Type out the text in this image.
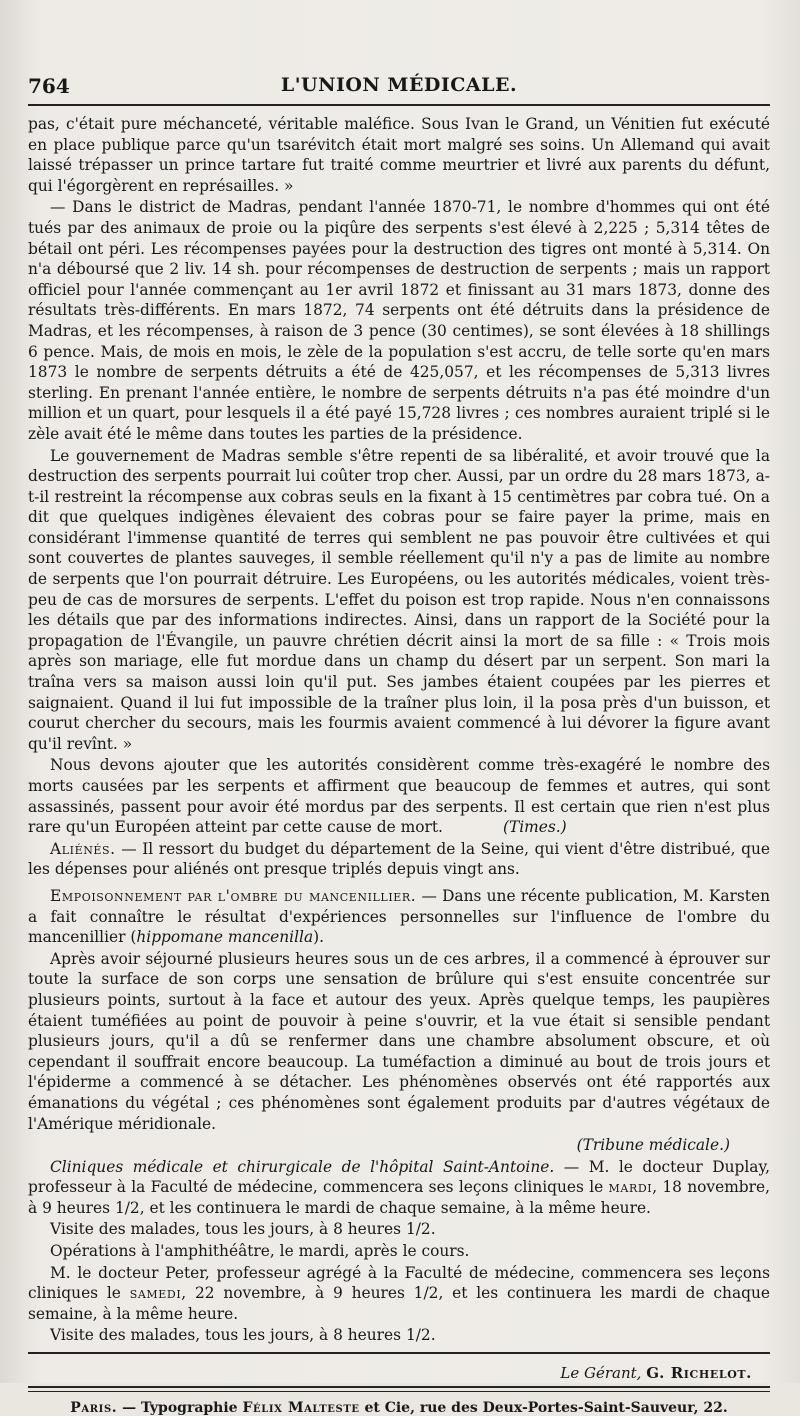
764	L'UNION MÉDICALE.

pas, c'était pure méchanceté, véritable maléfice. Sous Ivan le Grand, un Vénitien fut exécuté en place publique parce qu'un tsarévitch était mort malgré ses soins. Un Allemand qui avait laissé trépasser un prince tartare fut traité comme meurtrier et livré aux parents du défunt, qui l'égorgèrent en représailles. »

— Dans le district de Madras, pendant l'année 1870-71, le nombre d'hommes qui ont été tués par des animaux de proie ou la piqûre des serpents s'est élevé à 2,225 ; 5,314 têtes de bétail ont péri. Les récompenses payées pour la destruction des tigres ont monté à 5,314. On n'a déboursé que 2 liv. 14 sh. pour récompenses de destruction de serpents ; mais un rapport officiel pour l'année commençant au 1er avril 1872 et finissant au 31 mars 1873, donne des résultats très-différents. En mars 1872, 74 serpents ont été détruits dans la présidence de Madras, et les récompenses, à raison de 3 pence (30 centimes), se sont élevées à 18 shillings 6 pence. Mais, de mois en mois, le zèle de la population s'est accru, de telle sorte qu'en mars 1873 le nombre de serpents détruits a été de 425,057, et les récompenses de 5,313 livres sterling. En prenant l'année entière, le nombre de serpents détruits n'a pas été moindre d'un million et un quart, pour lesquels il a été payé 15,728 livres ; ces nombres auraient triplé si le zèle avait été le même dans toutes les parties de la présidence.

Le gouvernement de Madras semble s'être repenti de sa libéralité, et avoir trouvé que la destruction des serpents pourrait lui coûter trop cher. Aussi, par un ordre du 28 mars 1873, a-t-il restreint la récompense aux cobras seuls en la fixant à 15 centimètres par cobra tué. On a dit que quelques indigènes élevaient des cobras pour se faire payer la prime, mais en considérant l'immense quantité de terres qui semblent ne pas pouvoir être cultivées et qui sont couvertes de plantes sauveges, il semble réellement qu'il n'y a pas de limite au nombre de serpents que l'on pourrait détruire. Les Européens, ou les autorités médicales, voient très-peu de cas de morsures de serpents. L'effet du poison est trop rapide. Nous n'en connaissons les détails que par des informations indirectes. Ainsi, dans un rapport de la Société pour la propagation de l'Évangile, un pauvre chrétien décrit ainsi la mort de sa fille : « Trois mois après son mariage, elle fut mordue dans un champ du désert par un serpent. Son mari la traîna vers sa maison aussi loin qu'il put. Ses jambes étaient coupées par les pierres et saignaient. Quand il lui fut impossible de la traîner plus loin, il la posa près d'un buisson, et courut chercher du secours, mais les fourmis avaient commencé à lui dévorer la figure avant qu'il revînt. »

Nous devons ajouter que les autorités considèrent comme très-exagéré le nombre des morts causées par les serpents et affirment que beaucoup de femmes et autres, qui sont assassinés, passent pour avoir été mordus par des serpents. Il est certain que rien n'est plus rare qu'un Européen atteint par cette cause de mort.	(Times.)

Aliénés. — Il ressort du budget du département de la Seine, qui vient d'être distribué, que les dépenses pour aliénés ont presque triplés depuis vingt ans.

Empoisonnement par l'ombre du mancenillier. — Dans une récente publication, M. Karsten a fait connaître le résultat d'expériences personnelles sur l'influence de l'ombre du mancenillier (hippomane mancenilla).

Après avoir séjourné plusieurs heures sous un de ces arbres, il a commencé à éprouver sur toute la surface de son corps une sensation de brûlure qui s'est ensuite concentrée sur plusieurs points, surtout à la face et autour des yeux. Après quelque temps, les paupières étaient tuméfiées au point de pouvoir à peine s'ouvrir, et la vue était si sensible pendant plusieurs jours, qu'il a dû se renfermer dans une chambre absolument obscure, et où cependant il souffrait encore beaucoup. La tuméfaction a diminué au bout de trois jours et l'épiderme a commencé à se détacher. Les phénomènes observés ont été rapportés aux émanations du végétal ; ces phénomènes sont également produits par d'autres végétaux de l'Amérique méridionale.

(Tribune médicale.)

Cliniques médicale et chirurgicale de l'hôpital Saint-Antoine. — M. le docteur Duplay, professeur à la Faculté de médecine, commencera ses leçons cliniques le mardi, 18 novembre, à 9 heures 1/2, et les continuera le mardi de chaque semaine, à la même heure.

Visite des malades, tous les jours, à 8 heures 1/2.

Opérations à l'amphithéâtre, le mardi, après le cours.

M. le docteur Peter, professeur agrégé à la Faculté de médecine, commencera ses leçons cliniques le samedi, 22 novembre, à 9 heures 1/2, et les continuera les mardi de chaque semaine, à la même heure.

Visite des malades, tous les jours, à 8 heures 1/2.

Le Gérant, G. Richelot.
Paris. — Typographie Félix Malteste et Cie, rue des Deux-Portes-Saint-Sauveur, 22.
